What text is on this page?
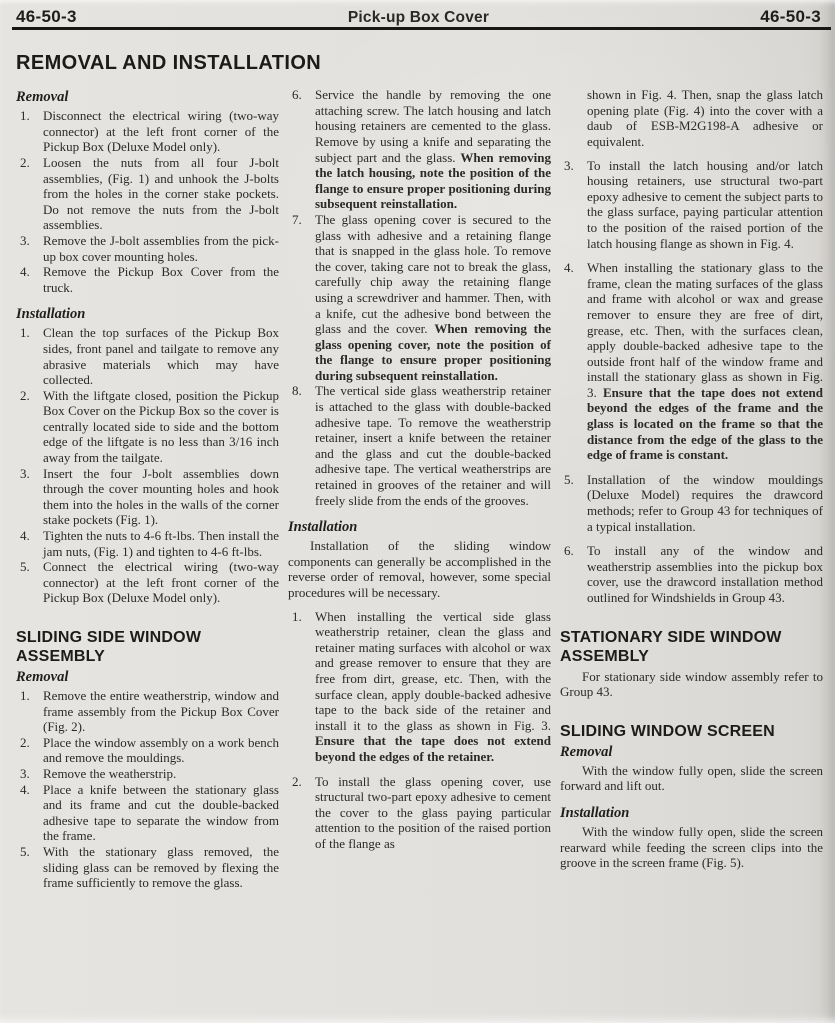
46-50-3	Pick-up Box Cover	46-50-3
REMOVAL AND INSTALLATION
Removal
1. Disconnect the electrical wiring (two-way connector) at the left front corner of the Pickup Box (Deluxe Model only).
2. Loosen the nuts from all four J-bolt assemblies, (Fig. 1) and unhook the J-bolts from the holes in the corner stake pockets. Do not remove the nuts from the J-bolt assemblies.
3. Remove the J-bolt assemblies from the pick-up box cover mounting holes.
4. Remove the Pickup Box Cover from the truck.
Installation
1. Clean the top surfaces of the Pickup Box sides, front panel and tailgate to remove any abrasive materials which may have collected.
2. With the liftgate closed, position the Pickup Box Cover on the Pickup Box so the cover is centrally located side to side and the bottom edge of the liftgate is no less than 3/16 inch away from the tailgate.
3. Insert the four J-bolt assemblies down through the cover mounting holes and hook them into the holes in the walls of the corner stake pockets (Fig. 1).
4. Tighten the nuts to 4-6 ft-lbs. Then install the jam nuts, (Fig. 1) and tighten to 4-6 ft-lbs.
5. Connect the electrical wiring (two-way connector) at the left front corner of the Pickup Box (Deluxe Model only).
SLIDING SIDE WINDOW ASSEMBLY
Removal
1. Remove the entire weatherstrip, window and frame assembly from the Pickup Box Cover (Fig. 2).
2. Place the window assembly on a work bench and remove the mouldings.
3. Remove the weatherstrip.
4. Place a knife between the stationary glass and its frame and cut the double-backed adhesive tape to separate the window from the frame.
5. With the stationary glass removed, the sliding glass can be removed by flexing the frame sufficiently to remove the glass.
6. Service the handle by removing the one attaching screw. The latch housing and latch housing retainers are cemented to the glass. Remove by using a knife and separating the subject part and the glass. When removing the latch housing, note the position of the flange to ensure proper positioning during subsequent reinstallation.
7. The glass opening cover is secured to the glass with adhesive and a retaining flange that is snapped in the glass hole. To remove the cover, taking care not to break the glass, carefully chip away the retaining flange using a screwdriver and hammer. Then, with a knife, cut the adhesive bond between the glass and the cover. When removing the glass opening cover, note the position of the flange to ensure proper positioning during subsequent reinstallation.
8. The vertical side glass weatherstrip retainer is attached to the glass with double-backed adhesive tape. To remove the weatherstrip retainer, insert a knife between the retainer and the glass and cut the double-backed adhesive tape. The vertical weatherstrips are retained in grooves of the retainer and will freely slide from the ends of the grooves.
Installation
Installation of the sliding window components can generally be accomplished in the reverse order of removal, however, some special procedures will be necessary.
1. When installing the vertical side glass weatherstrip retainer, clean the glass and retainer mating surfaces with alcohol or wax and grease remover to ensure that they are free from dirt, grease, etc. Then, with the surface clean, apply double-backed adhesive tape to the back side of the retainer and install it to the glass as shown in Fig. 3. Ensure that the tape does not extend beyond the edges of the retainer.
2. To install the glass opening cover, use structural two-part epoxy adhesive to cement the cover to the glass paying particular attention to the position of the raised portion of the flange as
shown in Fig. 4. Then, snap the glass latch opening plate (Fig. 4) into the cover with a daub of ESB-M2G198-A adhesive or equivalent.
3. To install the latch housing and/or latch housing retainers, use structural two-part epoxy adhesive to cement the subject parts to the glass surface, paying particular attention to the position of the raised portion of the latch housing flange as shown in Fig. 4.
4. When installing the stationary glass to the frame, clean the mating surfaces of the glass and frame with alcohol or wax and grease remover to ensure they are free of dirt, grease, etc. Then, with the surfaces clean, apply double-backed adhesive tape to the outside front half of the window frame and install the stationary glass as shown in Fig. 3. Ensure that the tape does not extend beyond the edges of the frame and the glass is located on the frame so that the distance from the edge of the glass to the edge of frame is constant.
5. Installation of the window mouldings (Deluxe Model) requires the drawcord methods; refer to Group 43 for techniques of a typical installation.
6. To install any of the window and weatherstrip assemblies into the pickup box cover, use the drawcord installation method outlined for Windshields in Group 43.
STATIONARY SIDE WINDOW ASSEMBLY
For stationary side window assembly refer to Group 43.
SLIDING WINDOW SCREEN
Removal
With the window fully open, slide the screen forward and lift out.
Installation
With the window fully open, slide the screen rearward while feeding the screen clips into the groove in the screen frame (Fig. 5).
